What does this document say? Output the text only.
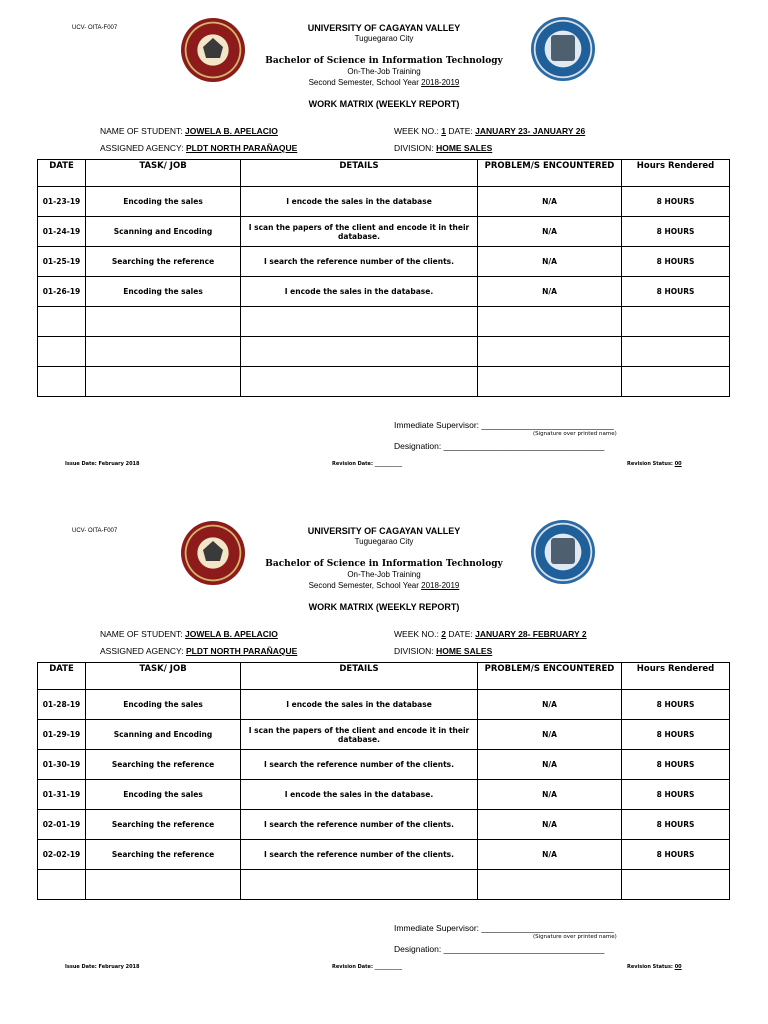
UCV- OITA-F007	UNIVERSITY OF CAGAYAN VALLEY
Tuguegarao City
Bachelor of Science in Information Technology
On-The-Job Training
Second Semester, School Year 2018-2019
WORK MATRIX (WEEKLY REPORT)
NAME OF STUDENT: JOWELA B. APELACIO	WEEK NO.: 1 DATE: JANUARY 23- JANUARY 26
ASSIGNED AGENCY: PLDT NORTH PARAÑAQUE	DIVISION: HOME SALES
DATE	TASK/ JOB	DETAILS	PROBLEM/S ENCOUNTERED	Hours Rendered
01-23-19	Encoding the sales	I encode the sales in the database	N/A	8 HOURS
01-24-19	Scanning and Encoding	I scan the papers of the client and encode it in their database.	N/A	8 HOURS
01-25-19	Searching the reference	I search the reference number of the clients.	N/A	8 HOURS
01-26-19	Encoding the sales	I encode the sales in the database.	N/A	8 HOURS

Immediate Supervisor: ____________________________
(Signature over printed name)
Designation: __________________________________
Issue Date: February 2018	Revision Date: ___________	Revision Status: 00
UCV- OITA-F007	UNIVERSITY OF CAGAYAN VALLEY
Tuguegarao City
Bachelor of Science in Information Technology
On-The-Job Training
Second Semester, School Year 2018-2019
WORK MATRIX (WEEKLY REPORT)
NAME OF STUDENT: JOWELA B. APELACIO	WEEK NO.: 2 DATE: JANUARY 28- FEBRUARY 2
ASSIGNED AGENCY: PLDT NORTH PARAÑAQUE	DIVISION: HOME SALES
DATE	TASK/ JOB	DETAILS	PROBLEM/S ENCOUNTERED	Hours Rendered
01-28-19	Encoding the sales	I encode the sales in the database	N/A	8 HOURS
01-29-19	Scanning and Encoding	I scan the papers of the client and encode it in their database.	N/A	8 HOURS
01-30-19	Searching the reference	I search the reference number of the clients.	N/A	8 HOURS
01-31-19	Encoding the sales	I encode the sales in the database.	N/A	8 HOURS
02-01-19	Searching the reference	I search the reference number of the clients.	N/A	8 HOURS
02-02-19	Searching the reference	I search the reference number of the clients.	N/A	8 HOURS

Immediate Supervisor: ____________________________
(Signature over printed name)
Designation: __________________________________
Issue Date: February 2018	Revision Date: ___________	Revision Status: 00
